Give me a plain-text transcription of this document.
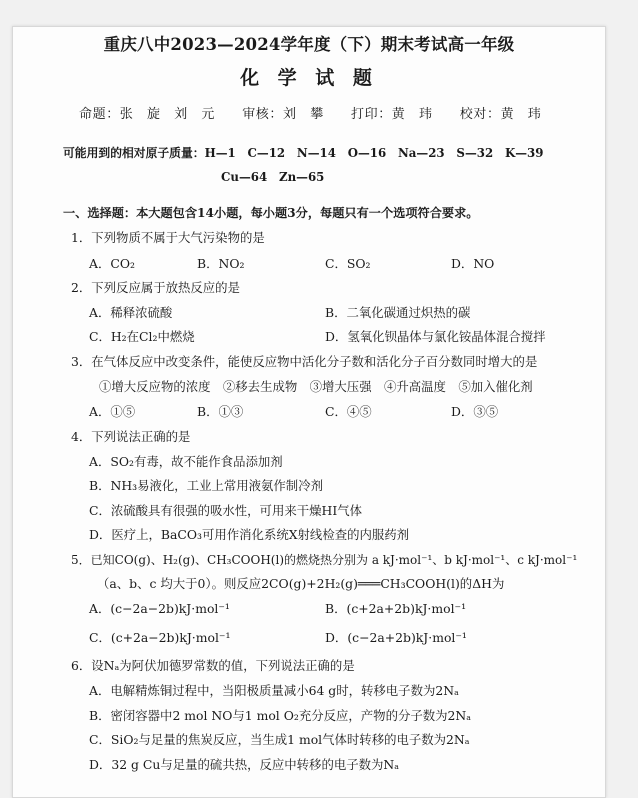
重庆八中2023—2024学年度（下）期末考试高一年级
化 学 试 题
命题：张　旋　刘　元　　审核：刘　攀　　打印：黄　玮　　校对：黄　玮
可能用到的相对原子质量：H—1　C—12　N—14　O—16　Na—23　S—32　K—39
Cu—64　Zn—65
一、选择题：本大题包含14小题，每小题3分，每题只有一个选项符合要求。
1．下列物质不属于大气污染物的是
A．CO₂	B．NO₂	C．SO₂	D．NO
2．下列反应属于放热反应的是
A．稀释浓硫酸	B．二氧化碳通过炽热的碳
C．H₂在Cl₂中燃烧	D．氢氧化钡晶体与氯化铵晶体混合搅拌
3．在气体反应中改变条件，能使反应物中活化分子数和活化分子百分数同时增大的是
①增大反应物的浓度　②移去生成物　③增大压强　④升高温度　⑤加入催化剂
A．①⑤	B．①③	C．④⑤	D．③⑤
4．下列说法正确的是
A．SO₂有毒，故不能作食品添加剂
B．NH₃易液化，工业上常用液氨作制冷剂
C．浓硫酸具有很强的吸水性，可用来干燥HI气体
D．医疗上，BaCO₃可用作消化系统X射线检查的内服药剂
5．已知CO(g)、H₂(g)、CH₃COOH(l)的燃烧热分别为 a kJ·mol⁻¹、b kJ·mol⁻¹、c kJ·mol⁻¹
（a、b、c 均大于0）。则反应2CO(g)+2H₂(g)═══CH₃COOH(l)的ΔH为
A．(c−2a−2b)kJ·mol⁻¹	B．(c+2a+2b)kJ·mol⁻¹
C．(c+2a−2b)kJ·mol⁻¹	D．(c−2a+2b)kJ·mol⁻¹
6．设Nₐ为阿伏加德罗常数的值，下列说法正确的是
A．电解精炼铜过程中，当阳极质量减小64 g时，转移电子数为2Nₐ
B．密闭容器中2 mol NO与1 mol O₂充分反应，产物的分子数为2Nₐ
C．SiO₂与足量的焦炭反应，当生成1 mol气体时转移的电子数为2Nₐ
D．32 g Cu与足量的硫共热，反应中转移的电子数为Nₐ
